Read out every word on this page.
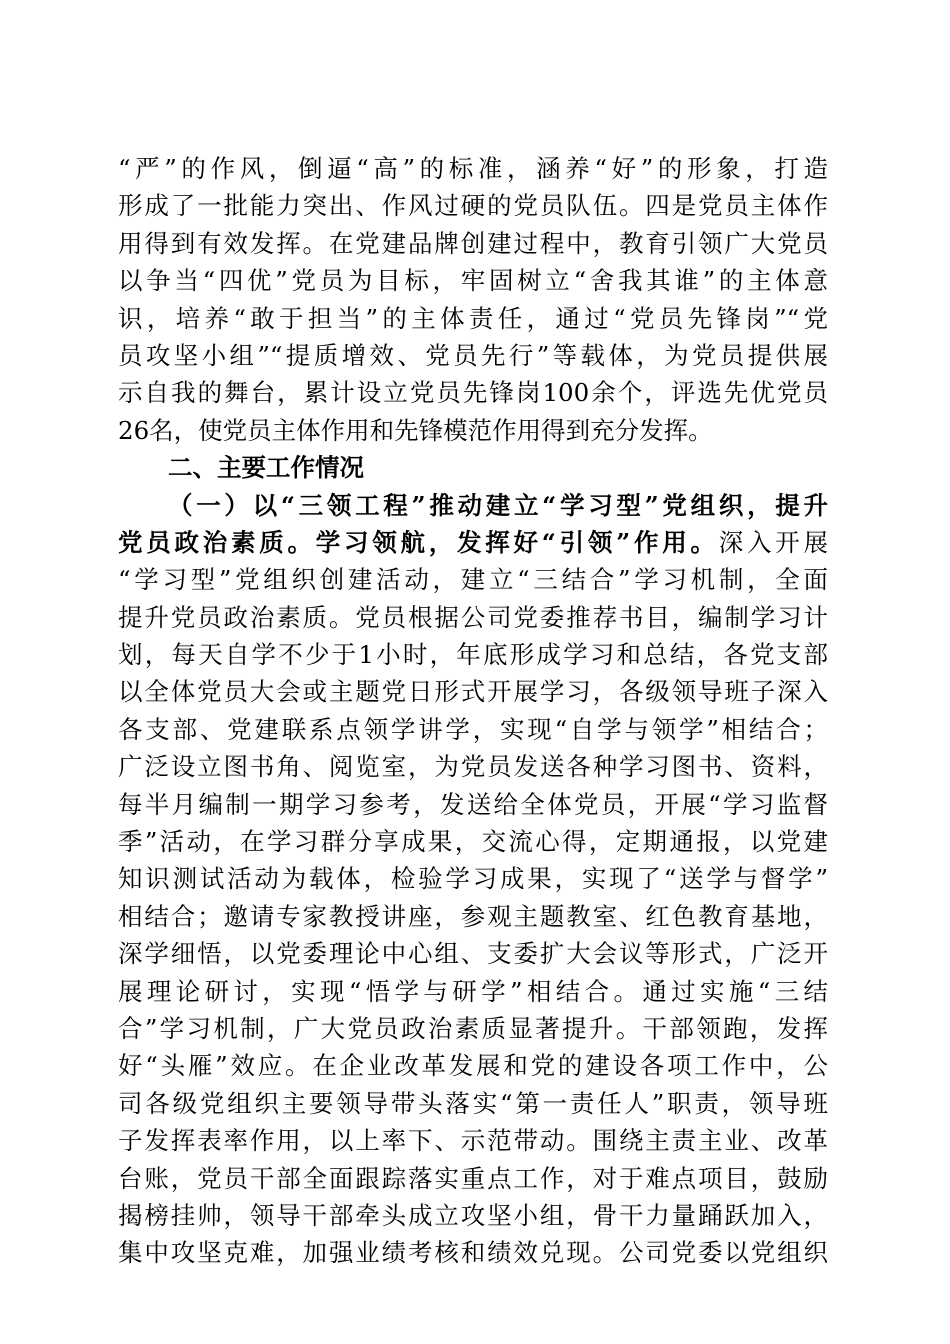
“严”的作风，倒逼“高”的标准，涵养“好”的形象，打造
形成了一批能力突出、作风过硬的党员队伍。四是党员主体作
用得到有效发挥。在党建品牌创建过程中，教育引领广大党员
以争当“四优”党员为目标，牢固树立“舍我其谁”的主体意
识，培养“敢于担当”的主体责任，通过“党员先锋岗”“党
员攻坚小组”“提质增效、党员先行”等载体，为党员提供展
示自我的舞台，累计设立党员先锋岗100余个，评选先优党员
26名，使党员主体作用和先锋模范作用得到充分发挥。
二、主要工作情况
（一）以“三领工程”推动建立“学习型”党组织，提升
党员政治素质。学习领航，发挥好“引领”作用。深入开展
“学习型”党组织创建活动，建立“三结合”学习机制，全面
提升党员政治素质。党员根据公司党委推荐书目，编制学习计
划，每天自学不少于1小时，年底形成学习和总结，各党支部
以全体党员大会或主题党日形式开展学习，各级领导班子深入
各支部、党建联系点领学讲学，实现“自学与领学”相结合；
广泛设立图书角、阅览室，为党员发送各种学习图书、资料，
每半月编制一期学习参考，发送给全体党员，开展“学习监督
季”活动，在学习群分享成果，交流心得，定期通报，以党建
知识测试活动为载体，检验学习成果，实现了“送学与督学”
相结合；邀请专家教授讲座，参观主题教室、红色教育基地，
深学细悟，以党委理论中心组、支委扩大会议等形式，广泛开
展理论研讨，实现“悟学与研学”相结合。通过实施“三结
合”学习机制，广大党员政治素质显著提升。干部领跑，发挥
好“头雁”效应。在企业改革发展和党的建设各项工作中，公
司各级党组织主要领导带头落实“第一责任人”职责，领导班
子发挥表率作用，以上率下、示范带动。围绕主责主业、改革
台账，党员干部全面跟踪落实重点工作，对于难点项目，鼓励
揭榜挂帅，领导干部牵头成立攻坚小组，骨干力量踊跃加入，
集中攻坚克难，加强业绩考核和绩效兑现。公司党委以党组织
